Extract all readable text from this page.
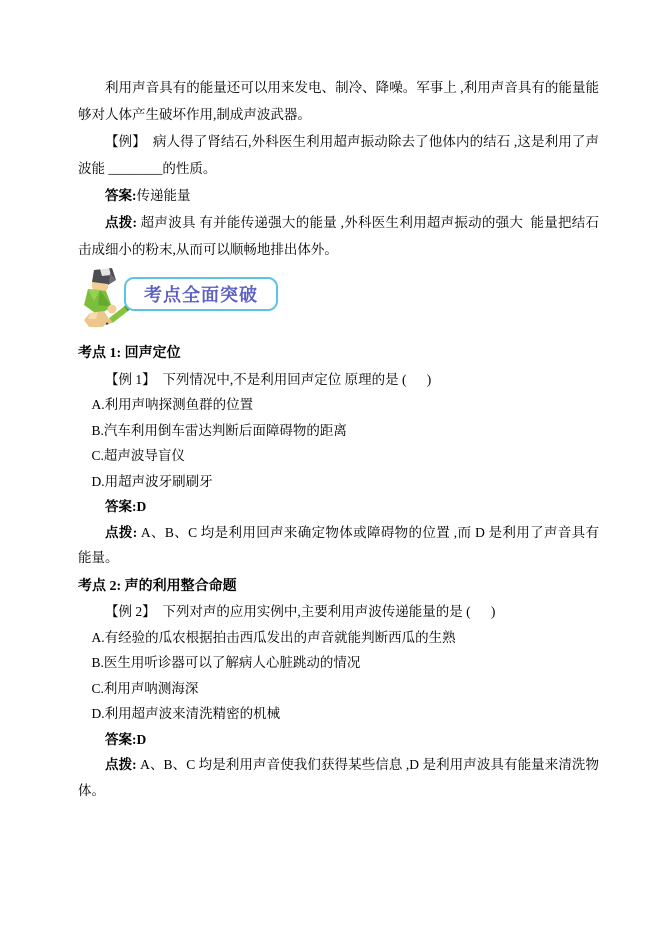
利用声音具有的能量还可以用来发电、制冷、降噪。军事上 ,利用声音具有的能量能够对人体产生破坏作用,制成声波武器。
【例】  病人得了肾结石,外科医生利用超声振动除去了他体内的结石 ,这是利用了声波能 ________的性质。
答案:传递能量
点拨: 超声波具 有并能传递强大的能量 ,外科医生利用超声振动的强大  能量把结石击成细小的粉末,从而可以顺畅地排出体外。
考点全面突破
考点 1: 回声定位
【例 1】  下列情况中,不是利用回声定位 原理的是 (      )
A.利用声呐探测鱼群的位置
B.汽车利用倒车雷达判断后面障碍物的距离
C.超声波导盲仪
D.用超声波牙刷刷牙
答案:D
点拨: A、B、C 均是利用回声来确定物体或障碍物的位置 ,而 D 是利用了声音具有能量。
考点 2: 声的利用整合命题
【例 2】  下列对声的应用实例中,主要利用声波传递能量的是 (      )
A.有经验的瓜农根据拍击西瓜发出的声音就能判断西瓜的生熟
B.医生用听诊器可以了解病人心脏跳动的情况
C.利用声呐测海深
D.利用超声波来清洗精密的机械
答案:D
点拨: A、B、C 均是利用声音使我们获得某些信息 ,D 是利用声波具有能量来清洗物体。
